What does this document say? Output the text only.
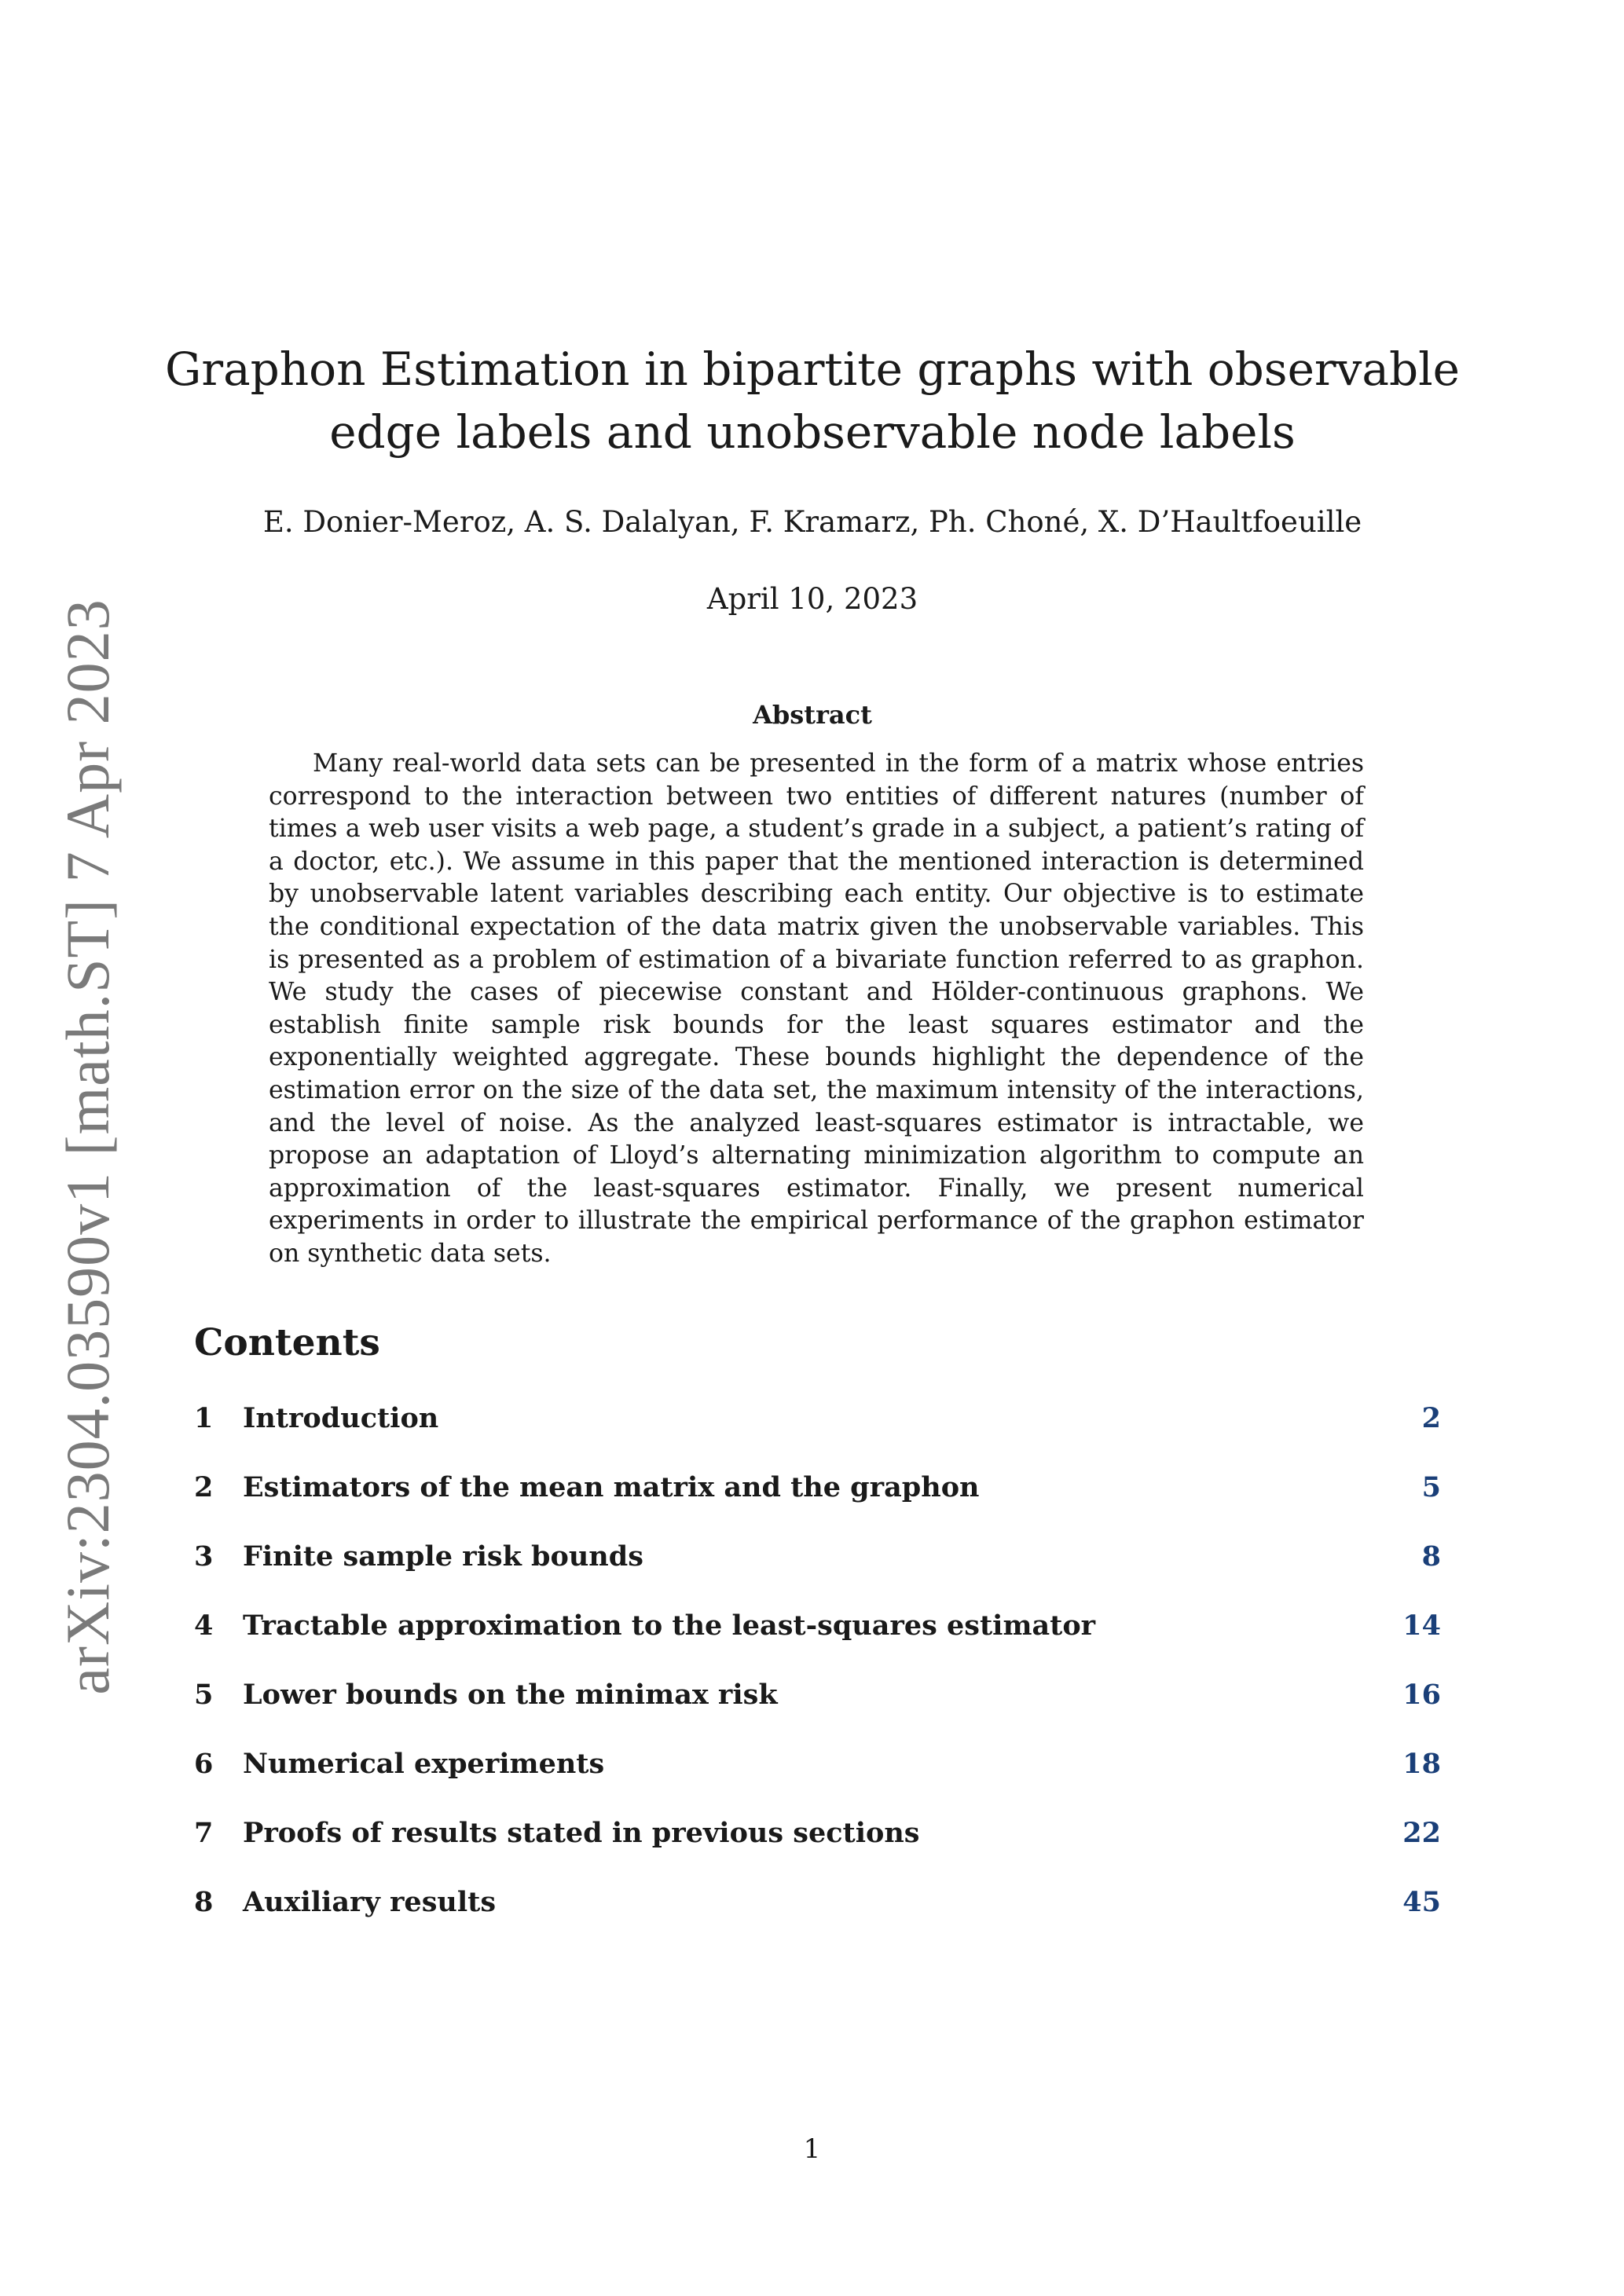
arXiv:2304.03590v1 [math.ST] 7 Apr 2023
Graphon Estimation in bipartite graphs with observable edge labels and unobservable node labels
E. Donier-Meroz, A. S. Dalalyan, F. Kramarz, Ph. Choné, X. D’Haultfoeuille
April 10, 2023
Abstract

Many real-world data sets can be presented in the form of a matrix whose entries correspond to the interaction between two entities of different natures (number of times a web user visits a web page, a student’s grade in a subject, a patient’s rating of a doctor, etc.). We assume in this paper that the mentioned interaction is determined by unobservable latent variables describing each entity. Our objective is to estimate the conditional expectation of the data matrix given the unobservable variables. This is presented as a problem of estimation of a bivariate function referred to as graphon. We study the cases of piecewise constant and Hölder-continuous graphons. We establish finite sample risk bounds for the least squares estimator and the exponentially weighted aggregate. These bounds highlight the dependence of the estimation error on the size of the data set, the maximum intensity of the interactions, and the level of noise. As the analyzed least-squares estimator is intractable, we propose an adaptation of Lloyd’s alternating minimization algorithm to compute an approximation of the least-squares estimator. Finally, we present numerical experiments in order to illustrate the empirical performance of the graphon estimator on synthetic data sets.

Contents
1	Introduction	2
2	Estimators of the mean matrix and the graphon	5
3	Finite sample risk bounds	8
4	Tractable approximation to the least-squares estimator	14
5	Lower bounds on the minimax risk	16
6	Numerical experiments	18
7	Proofs of results stated in previous sections	22
8	Auxiliary results	45
1
